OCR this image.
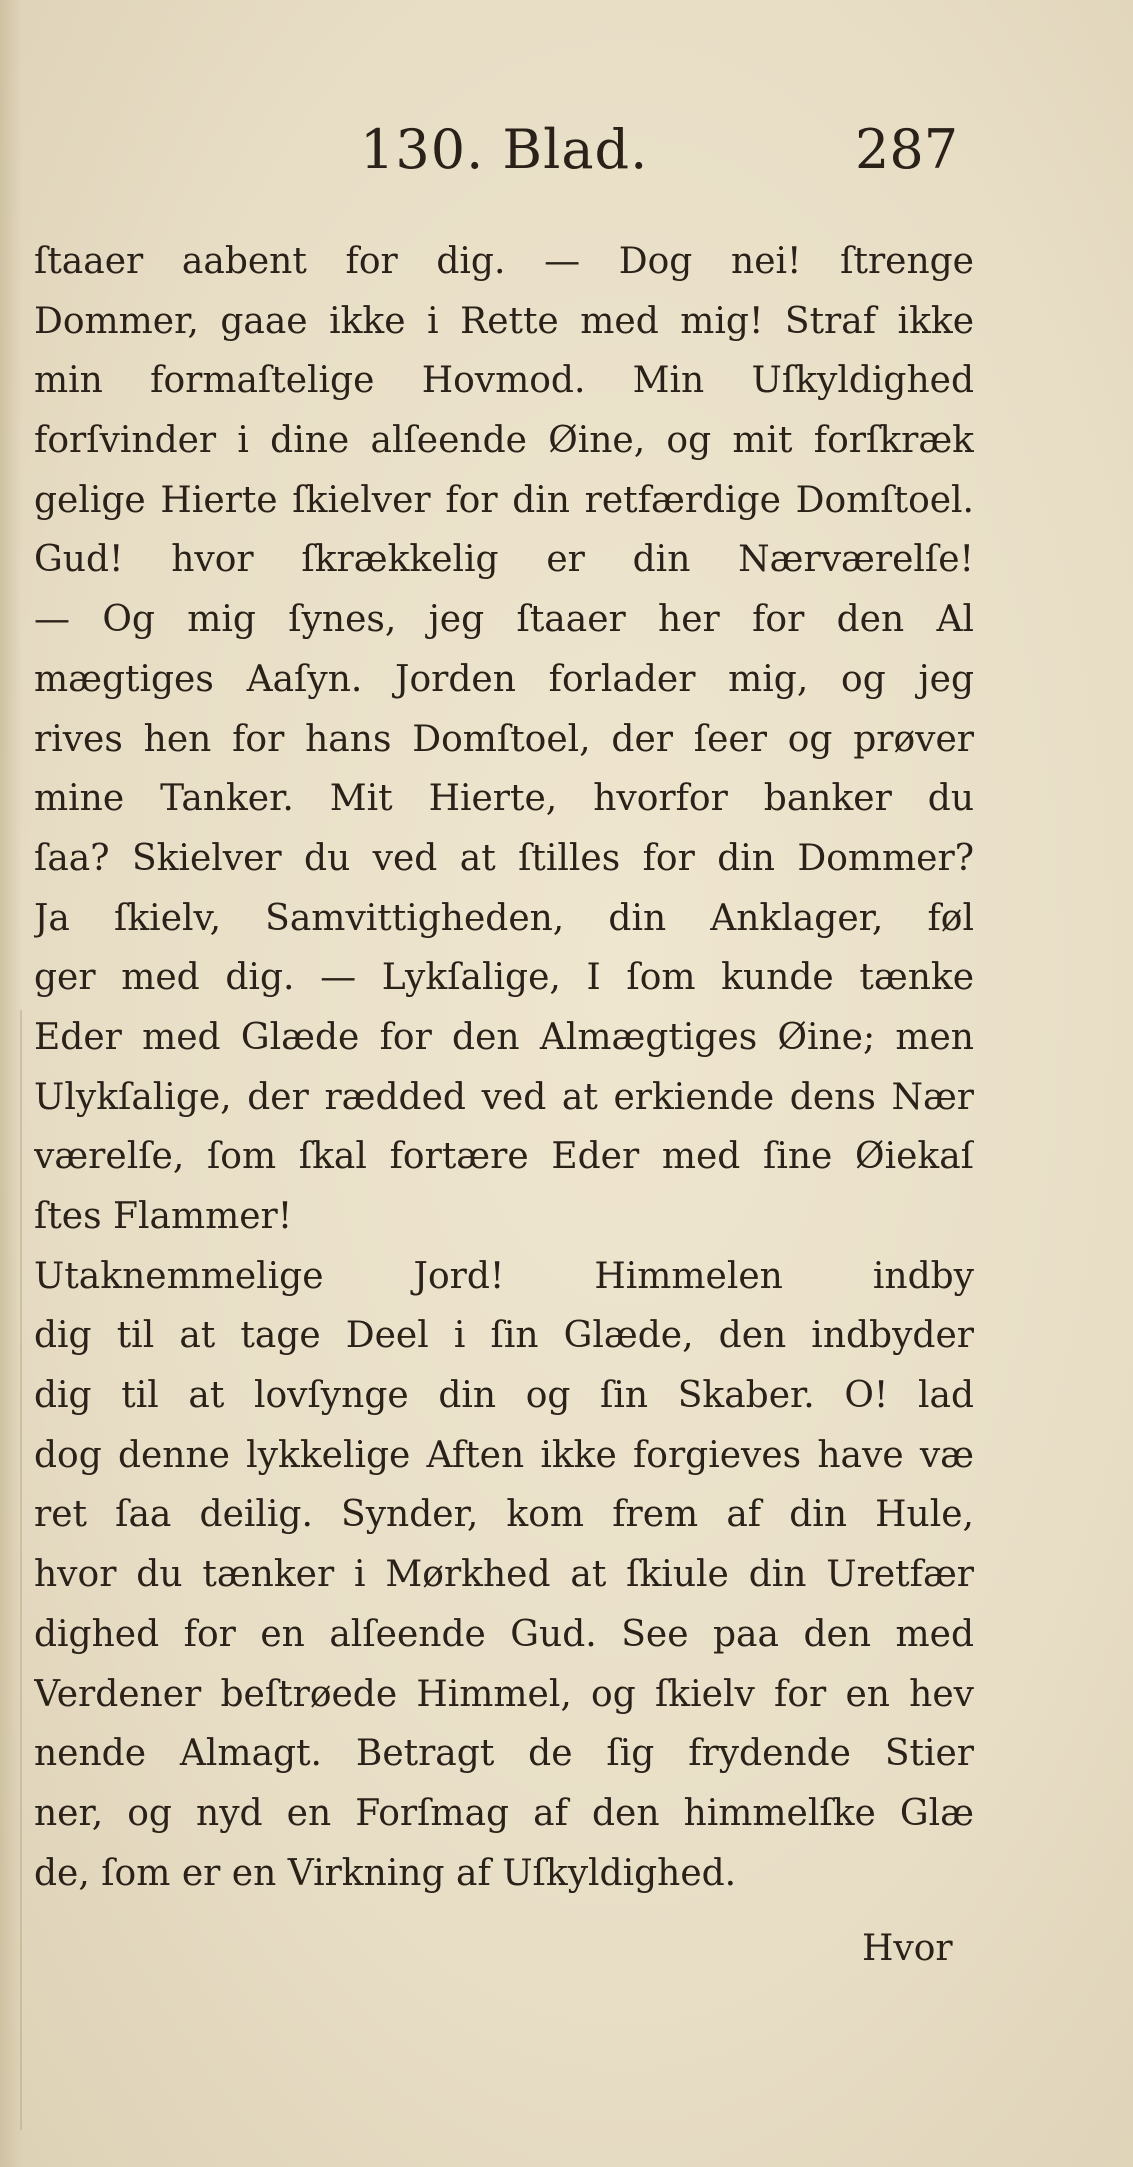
130. Blad.	287
ſtaaer aabent for dig. — Dog nei! ſtrenge
Dommer, gaae ikke i Rette med mig! Straf ikke
min formaſtelige Hovmod. Min Uſkyldighed
forſvinder i dine alſeende Øine, og mit forſkræk
gelige Hierte ſkielver for din retfærdige Domſtoel.
Gud! hvor ſkrækkelig er din Nærværelſe!
— Og mig ſynes, jeg ſtaaer her for den Al
mægtiges Aaſyn. Jorden forlader mig, og jeg
rives hen for hans Domſtoel, der ſeer og prøver
mine Tanker. Mit Hierte, hvorfor banker du
ſaa? Skielver du ved at ſtilles for din Dommer?
Ja ſkielv, Samvittigheden, din Anklager, føl
ger med dig. — Lykſalige, I ſom kunde tænke
Eder med Glæde for den Almægtiges Øine; men
Ulykſalige, der rædded ved at erkiende dens Nær
værelſe, ſom ſkal fortære Eder med ſine Øiekaſ
ſtes Flammer!
Utaknemmelige Jord! Himmelen indby
dig til at tage Deel i ſin Glæde, den indbyder
dig til at lovſynge din og ſin Skaber. O! lad
dog denne lykkelige Aften ikke forgieves have væ
ret ſaa deilig. Synder, kom frem af din Hule,
hvor du tænker i Mørkhed at ſkiule din Uretfær
dighed for en alſeende Gud. See paa den med
Verdener beſtrøede Himmel, og ſkielv for en hev
nende Almagt. Betragt de ſig frydende Stier
ner, og nyd en Forſmag af den himmelſke Glæ
de, ſom er en Virkning af Uſkyldighed.
Hvor
